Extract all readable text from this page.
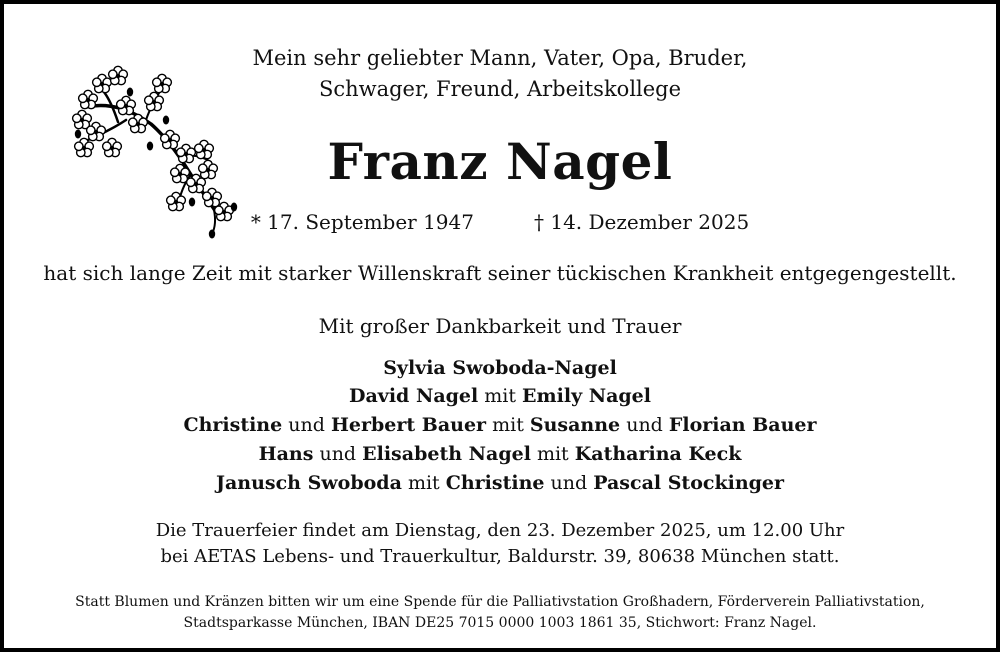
Mein sehr geliebter Mann, Vater, Opa, Bruder,
Schwager, Freund, Arbeitskollege
Franz Nagel
* 17. September 1947	† 14. Dezember 2025
hat sich lange Zeit mit starker Willenskraft seiner tückischen Krankheit entgegengestellt.
Mit großer Dankbarkeit und Trauer
Sylvia Swoboda-Nagel
David Nagel mit Emily Nagel
Christine und Herbert Bauer mit Susanne und Florian Bauer
Hans und Elisabeth Nagel mit Katharina Keck
Janusch Swoboda mit Christine und Pascal Stockinger
Die Trauerfeier findet am Dienstag, den 23. Dezember 2025, um 12.00 Uhr
bei AETAS Lebens- und Trauerkultur, Baldurstr. 39, 80638 München statt.
Statt Blumen und Kränzen bitten wir um eine Spende für die Palliativstation Großhadern, Förderverein Palliativstation,
Stadtsparkasse München, IBAN DE25 7015 0000 1003 1861 35, Stichwort: Franz Nagel.
